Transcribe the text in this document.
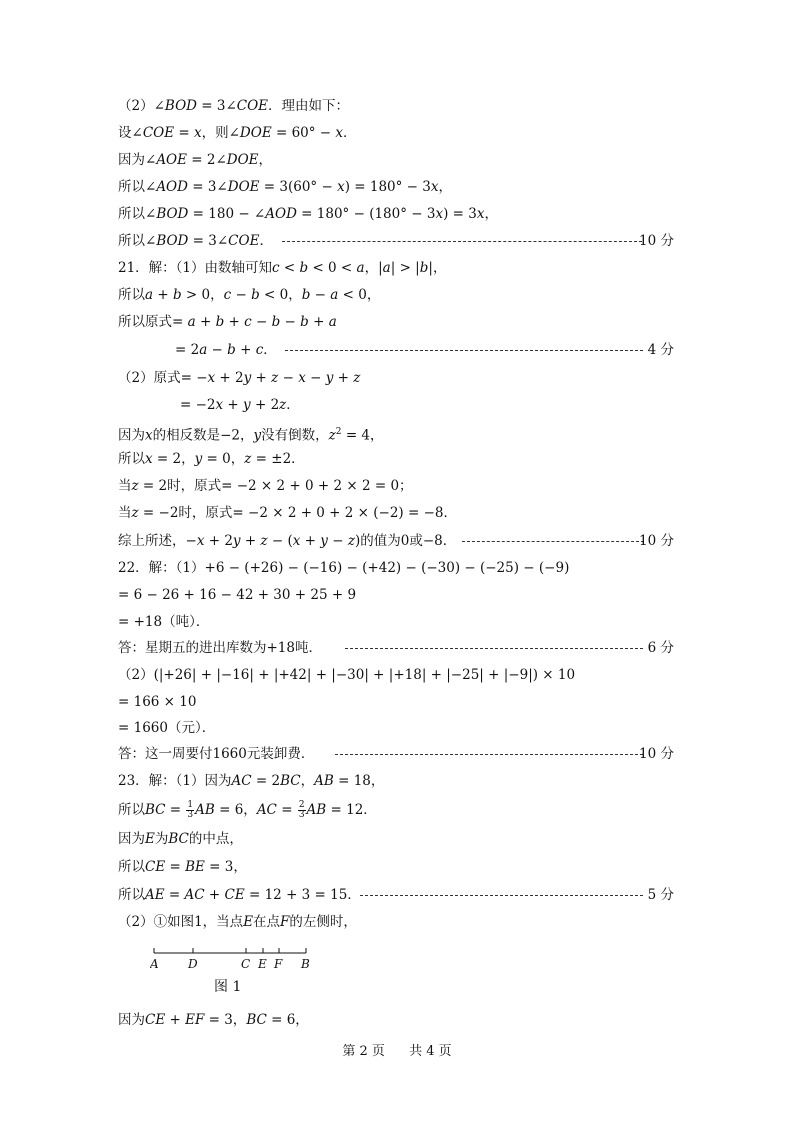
（2）∠BOD = 3∠COE．理由如下：
设∠COE = x，则∠DOE = 60° − x．
因为∠AOE = 2∠DOE，
所以∠AOD = 3∠DOE = 3(60° − x) = 180° − 3x，
所以∠BOD = 180 − ∠AOD = 180° − (180° − 3x) = 3x，
所以∠BOD = 3∠COE．	10 分
21．解：（1）由数轴可知c < b < 0 < a，|a| > |b|，
所以a + b > 0，c − b < 0，b − a < 0，
所以原式= a + b + c − b − b + a
= 2a − b + c．	4 分
（2）原式= −x + 2y + z − x − y + z
= −2x + y + 2z．
因为x的相反数是−2，y没有倒数，$z^2 = 4$，
所以x = 2，y = 0，z = ±2．
当z = 2时，原式= −2 × 2 + 0 + 2 × 2 = 0；
当z = −2时，原式= −2 × 2 + 0 + 2 × (−2) = −8．
综上所述，−x + 2y + z − (x + y − z)的值为0或−8．	10 分
22．解：（1）+6 − (+26) − (−16) − (+42) − (−30) − (−25) − (−9)
= 6 − 26 + 16 − 42 + 30 + 25 + 9
= +18（吨）．
答：星期五的进出库数为+18吨．	6 分
（2）(|+26| + |−16| + |+42| + |−30| + |+18| + |−25| + |−9|) × 10
= 166 × 10
= 1660（元）．
答：这一周要付1660元装卸费．	10 分
23．解：（1）因为AC = 2BC，AB = 18，
所以BC = $\frac{1}{3}$ AB = 6，AC = $\frac{2}{3}$ AB = 12．
因为E为BC的中点，
所以CE = BE = 3，
所以AE = AC + CE = 12 + 3 = 15．	5 分
（2）①如图1，当点E在点F的左侧时，
A D	C E F B
图 1
因为CE + EF = 3，BC = 6，
第 2 页 共 4 页
